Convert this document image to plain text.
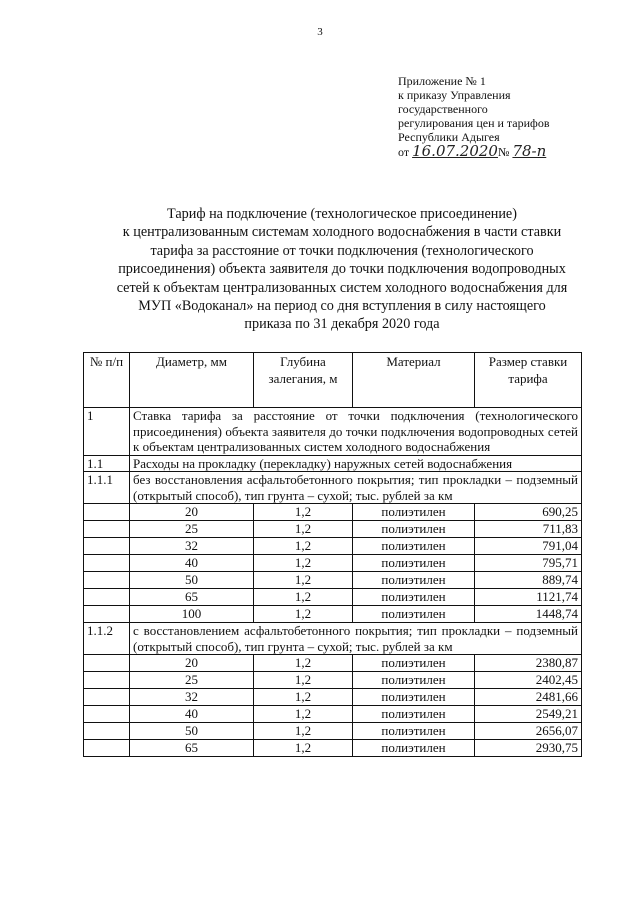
3
Приложение № 1
к приказу Управления
государственного
регулирования цен и тарифов
Республики Адыгея
от 16.07.2020№ 78-п
Тариф на подключение (технологическое присоединение)
к централизованным системам холодного водоснабжения в части ставки
тарифа за расстояние от точки подключения (технологического
присоединения) объекта заявителя до точки подключения водопроводных
сетей к объектам централизованных систем холодного водоснабжения для
МУП «Водоканал» на период со дня вступления в силу настоящего
приказа по 31 декабря 2020 года
№ п/п	Диаметр, мм	Глубина залегания, м	Материал	Размер ставки тарифа
1	Ставка тарифа за расстояние от точки подключения (технологического присоединения) объекта заявителя до точки подключения водопроводных сетей к объектам централизованных систем холодного водоснабжения			
1.1	Расходы на прокладку (перекладку) наружных сетей водоснабжения			
1.1.1	без восстановления асфальтобетонного покрытия; тип прокладки – подземный (открытый способ), тип грунта – сухой; тыс. рублей за км			
	20	1,2	полиэтилен	690,25
	25	1,2	полиэтилен	711,83
	32	1,2	полиэтилен	791,04
	40	1,2	полиэтилен	795,71
	50	1,2	полиэтилен	889,74
	65	1,2	полиэтилен	1121,74
	100	1,2	полиэтилен	1448,74
1.1.2	с восстановлением асфальтобетонного покрытия; тип прокладки – подземный (открытый способ), тип грунта – сухой; тыс. рублей за км			
	20	1,2	полиэтилен	2380,87
	25	1,2	полиэтилен	2402,45
	32	1,2	полиэтилен	2481,66
	40	1,2	полиэтилен	2549,21
	50	1,2	полиэтилен	2656,07
	65	1,2	полиэтилен	2930,75
